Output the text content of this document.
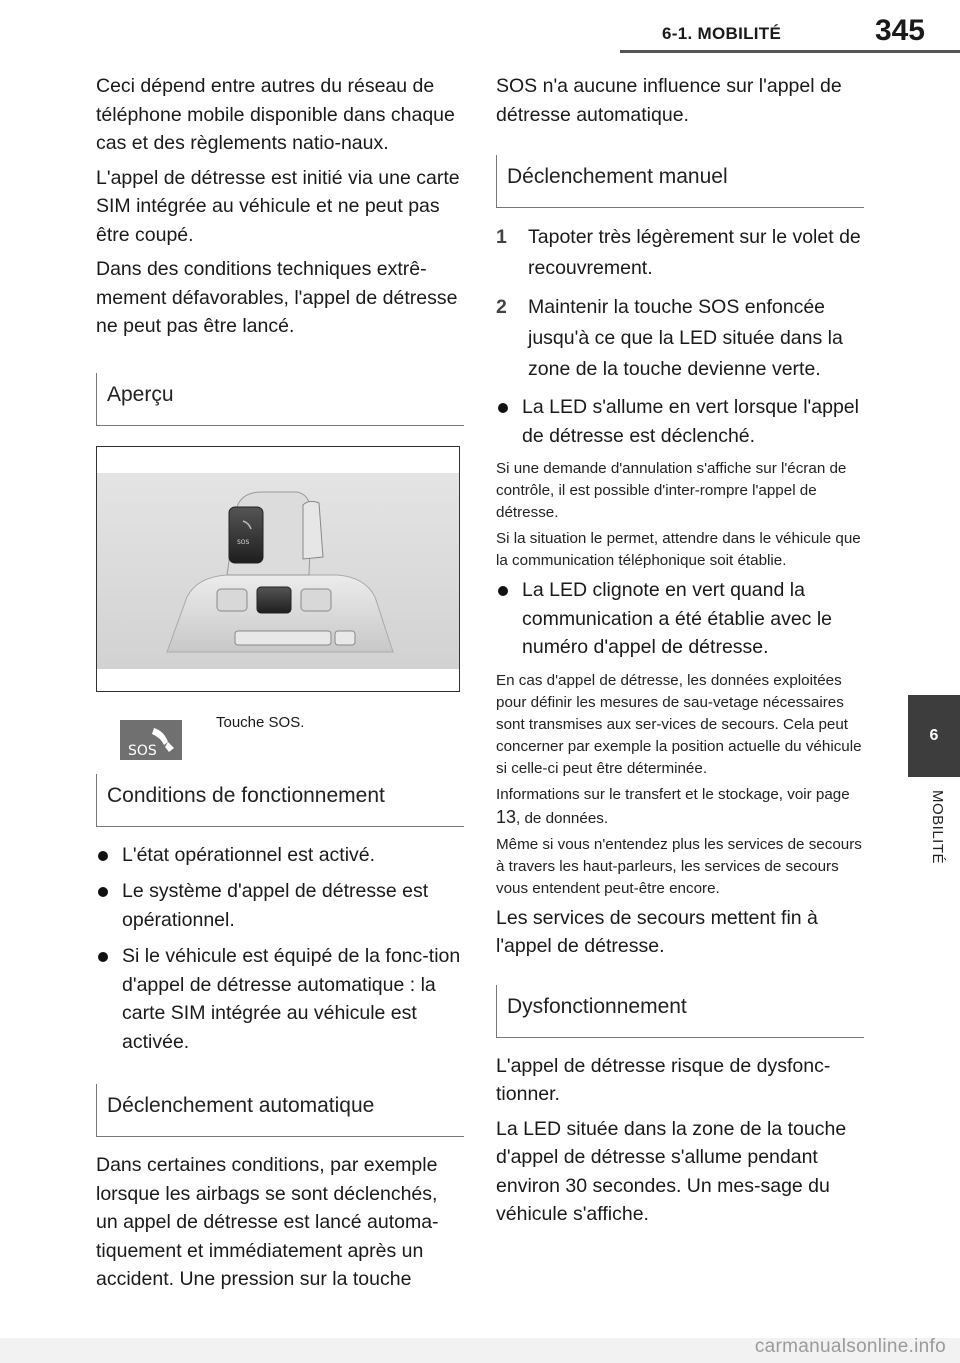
6-1. MOBILITÉ	345
6
MOBILITÉ

Ceci dépend entre autres du réseau de téléphone mobile disponible dans chaque cas et des règlements natio-naux.

L'appel de détresse est initié via une carte SIM intégrée au véhicule et ne peut pas être coupé.

Dans des conditions techniques extrê-mement défavorables, l'appel de détresse ne peut pas être lancé.

Aperçu
SOS
SOS
Touche SOS.
Conditions de fonctionnement
L'état opérationnel est activé.
Le système d'appel de détresse est opérationnel.
Si le véhicule est équipé de la fonc-tion d'appel de détresse automatique : la carte SIM intégrée au véhicule est activée.
Déclenchement automatique

Dans certaines conditions, par exemple lorsque les airbags se sont déclenchés, un appel de détresse est lancé automa-tiquement et immédiatement après un accident. Une pression sur la touche

SOS n'a aucune influence sur l'appel de détresse automatique.

Déclenchement manuel
1 Tapoter très légèrement sur le volet de recouvrement.
2 Maintenir la touche SOS enfoncée jusqu'à ce que la LED située dans la zone de la touche devienne verte.
La LED s'allume en vert lorsque l'appel de détresse est déclenché.

Si une demande d'annulation s'affiche sur l'écran de contrôle, il est possible d'inter-rompre l'appel de détresse.

Si la situation le permet, attendre dans le véhicule que la communication téléphonique soit établie.

La LED clignote en vert quand la communication a été établie avec le numéro d'appel de détresse.

En cas d'appel de détresse, les données exploitées pour définir les mesures de sau-vetage nécessaires sont transmises aux ser-vices de secours. Cela peut concerner par exemple la position actuelle du véhicule si celle-ci peut être déterminée.

Informations sur le transfert et le stockage, voir page 13, de données.

Même si vous n'entendez plus les services de secours à travers les haut-parleurs, les services de secours vous entendent peut-être encore.

Les services de secours mettent fin à l'appel de détresse.

Dysfonctionnement

L'appel de détresse risque de dysfonc-tionner.

La LED située dans la zone de la touche d'appel de détresse s'allume pendant environ 30 secondes. Un mes-sage du véhicule s'affiche.

carmanualsonline.info
